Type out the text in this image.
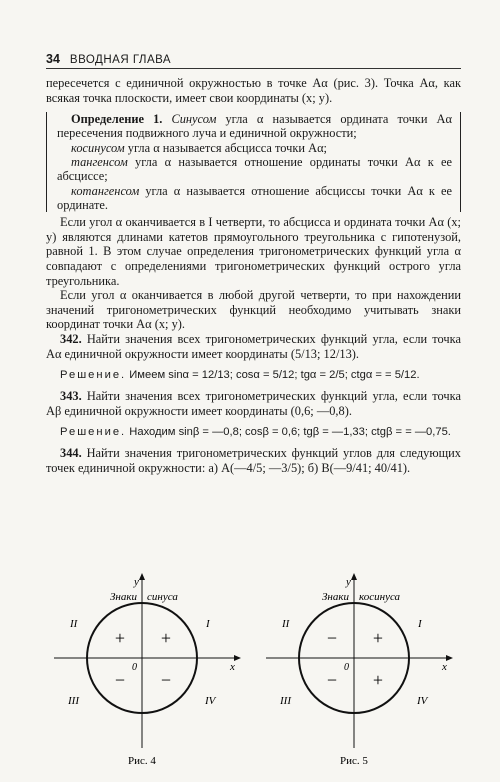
34 ВВОДНАЯ ГЛАВА

пересечется с единичной окружностью в точке Aα (рис. 3). Точка Aα, как всякая точка плоскости, имеет свои координаты (x; y).

Определение 1. Синусом угла α называется ордината точки Aα пересечения подвижного луча и единичной окружности;

косинусом угла α называется абсцисса точки Aα;

тангенсом угла α называется отношение ординаты точки Aα к ее абсциссе;

котангенсом угла α называется отношение абсциссы точки Aα к ее ординате.

Если угол α оканчивается в I четверти, то абсцисса и ордината точки Aα (x; y) являются длинами катетов прямоугольного треугольника с гипотенузой, равной 1. В этом случае определения тригонометрических функций угла α совпадают с определениями тригонометрических функций острого угла треугольника.

Если угол α оканчивается в любой другой четверти, то при нахождении значений тригонометрических функций необходимо учитывать знаки координат точки Aα (x; y).

342. Найти значения всех тригонометрических функций угла, если точка Aα единичной окружности имеет координаты (5/13; 12/13).

Решение. Имеем sinα = 12/13; cosα = 5/12; tgα = 2/5; ctgα = = 5/12.

343. Найти значения всех тригонометрических функций угла, если точка Aβ единичной окружности имеет координаты (0,6; —0,8).

Решение. Находим sinβ = —0,8; cosβ = 0,6; tgβ = —1,33; ctgβ = = —0,75.

344. Найти значения тригонометрических функций углов для следующих точек единичной окружности: а) A(—4/5; —3/5); б) B(—9/41; 40/41).

y
Знаки синуса
II	I
III	IV
+ +
− −
0	x
Рис. 4
y
Знаки косинуса
II	I
III	IV
− +
− +
0	x
Рис. 5
